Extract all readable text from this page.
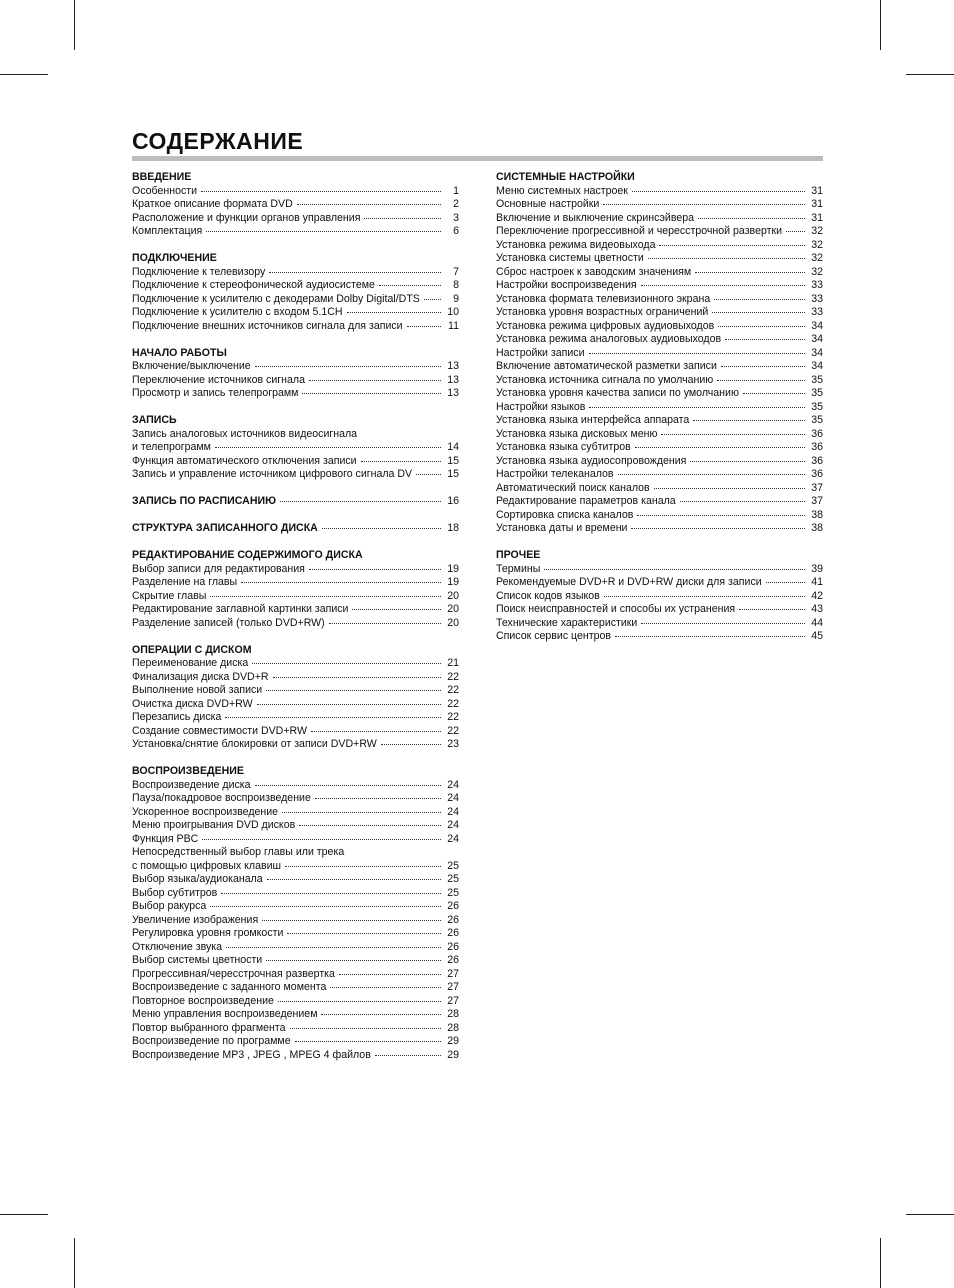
СОДЕРЖАНИЕ
ВВЕДЕНИЕ
Особенности	1
Краткое описание формата DVD	2
Расположение и функции органов управления	3
Комплектация	6
ПОДКЛЮЧЕНИЕ
Подключение к телевизору	7
Подключение к стереофонической аудиосистеме	8
Подключение к усилителю с декодерами Dolby Digital/DTS	9
Подключение к усилителю с входом 5.1CH	10
Подключение внешних источников сигнала для записи	11
НАЧАЛО РАБОТЫ
Включение/выключение	13
Переключение источников сигнала	13
Просмотр и запись телепрограмм	13
ЗАПИСЬ
Запись аналоговых источников видеосигнала
и телепрограмм	14
Функция автоматического отключения записи	15
Запись и управление источником цифрового сигнала DV	15
ЗАПИСЬ ПО РАСПИСАНИЮ	16
СТРУКТУРА ЗАПИСАННОГО ДИСКА	18
РЕДАКТИРОВАНИЕ СОДЕРЖИМОГО ДИСКА
Выбор записи для редактирования	19
Разделение на главы	19
Скрытие главы	20
Редактирование заглавной картинки записи	20
Разделение записей (только DVD+RW)	20
ОПЕРАЦИИ С ДИСКОМ
Переименование диска	21
Финализация диска DVD+R	22
Выполнение новой записи	22
Очистка диска DVD+RW	22
Перезапись диска	22
Создание совместимости DVD+RW	22
Установка/снятие блокировки от записи DVD+RW	23
ВОСПРОИЗВЕДЕНИЕ
Воспроизведение диска	24
Пауза/покадровое воспроизведение	24
Ускоренное воспроизведение	24
Меню проигрывания DVD дисков	24
Функция PBC	24
Непосредственный выбор главы или трека
с помощью цифровых клавиш	25
Выбор языка/аудиоканала	25
Выбор субтитров	25
Выбор ракурса	26
Увеличение изображения	26
Регулировка уровня громкости	26
Отключение звука	26
Выбор системы цветности	26
Прогрессивная/чересстрочная развертка	27
Воспроизведение с заданного момента	27
Повторное воспроизведение	27
Меню управления воспроизведением	28
Повтор выбранного фрагмента	28
Воспроизведение по программе	29
Воспроизведение MP3 , JPEG , MPEG 4 файлов	29
СИСТЕМНЫЕ НАСТРОЙКИ
Меню системных настроек	31
Основные настройки	31
Включение и выключение скринсэйвера	31
Переключение прогрессивной и чересстрочной развертки	32
Установка режима видеовыхода	32
Установка системы цветности	32
Сброс настроек к заводским значениям	32
Настройки воспроизведения	33
Установка формата телевизионного экрана	33
Установка уровня возрастных ограничений	33
Установка режима цифровых аудиовыходов	34
Установка режима аналоговых аудиовыходов	34
Настройки записи	34
Включение автоматической разметки записи	34
Установка источника сигнала по умолчанию	35
Установка уровня качества записи по умолчанию	35
Настройки языков	35
Установка языка интерфейса аппарата	35
Установка языка дисковых меню	36
Установка языка субтитров	36
Установка языка аудиосопровождения	36
Настройки телеканалов	36
Автоматический поиск каналов	37
Редактирование параметров канала	37
Сортировка списка каналов	38
Установка даты и времени	38
ПРОЧЕЕ
Термины	39
Рекомендуемые DVD+R и DVD+RW диски для записи	41
Список кодов языков	42
Поиск неисправностей и способы их устранения	43
Технические характеристики	44
Список сервис центров	45
